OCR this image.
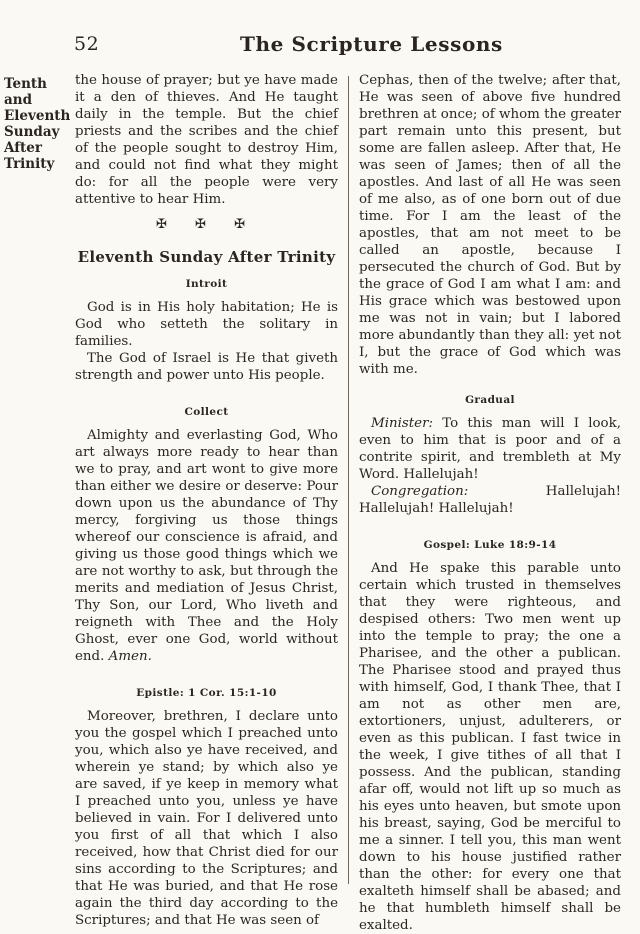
52	The Scripture Lessons
Tenth
and
Eleventh
Sunday
After
Trinity

the house of prayer; but ye have made it a den of thieves. And He taught daily in the temple. But the chief priests and the scribes and the chief of the people sought to destroy Him, and could not find what they might do: for all the people were very attentive to hear Him.

✠ ✠ ✠
Eleventh Sunday After Trinity
Introit

God is in His holy habitation; He is God who setteth the solitary in families.

The God of Israel is He that giveth strength and power unto His people.

Collect

Almighty and everlasting God, Who art always more ready to hear than we to pray, and art wont to give more than either we desire or deserve: Pour down upon us the abundance of Thy mercy, forgiving us those things whereof our conscience is afraid, and giving us those good things which we are not worthy to ask, but through the merits and mediation of Jesus Christ, Thy Son, our Lord, Who liveth and reigneth with Thee and the Holy Ghost, ever one God, world without end. Amen.

Epistle: 1 Cor. 15:1-10

Moreover, brethren, I declare unto you the gospel which I preached unto you, which also ye have received, and wherein ye stand; by which also ye are saved, if ye keep in memory what I preached unto you, unless ye have believed in vain. For I delivered unto you first of all that which I also received, how that Christ died for our sins according to the Scriptures; and that He was buried, and that He rose again the third day according to the Scriptures; and that He was seen of

Cephas, then of the twelve; after that, He was seen of above five hundred brethren at once; of whom the greater part remain unto this present, but some are fallen asleep. After that, He was seen of James; then of all the apostles. And last of all He was seen of me also, as of one born out of due time. For I am the least of the apostles, that am not meet to be called an apostle, because I persecuted the church of God. But by the grace of God I am what I am: and His grace which was bestowed upon me was not in vain; but I labored more abundantly than they all: yet not I, but the grace of God which was with me.

Gradual

Minister: To this man will I look, even to him that is poor and of a contrite spirit, and trembleth at My Word. Hallelujah!

Congregation:	Hallelujah! Hallelujah! Hallelujah!

Gospel: Luke 18:9-14

And He spake this parable unto certain which trusted in themselves that they were righteous, and despised others: Two men went up into the temple to pray; the one a Pharisee, and the other a publican. The Pharisee stood and prayed thus with himself, God, I thank Thee, that I am not as other men are, extortioners, unjust, adulterers, or even as this publican. I fast twice in the week, I give tithes of all that I possess. And the publican, standing afar off, would not lift up so much as his eyes unto heaven, but smote upon his breast, saying, God be merciful to me a sinner. I tell you, this man went down to his house justified rather than the other: for every one that exalteth himself shall be abased; and he that humbleth himself shall be exalted.
